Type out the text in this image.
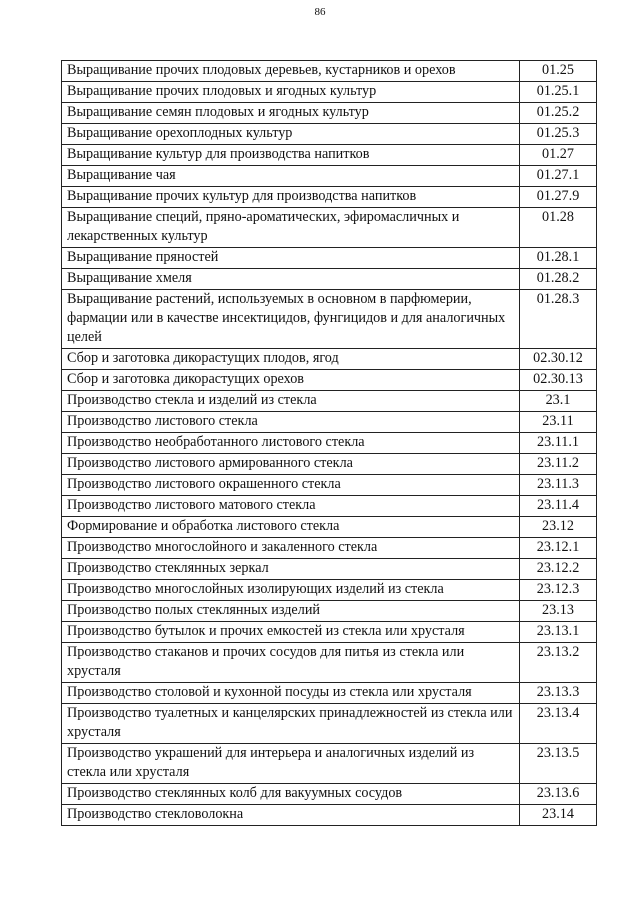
86
Выращивание прочих плодовых деревьев, кустарников и орехов	01.25
Выращивание прочих плодовых и ягодных культур	01.25.1
Выращивание семян плодовых и ягодных культур	01.25.2
Выращивание орехоплодных культур	01.25.3
Выращивание культур для производства напитков	01.27
Выращивание чая	01.27.1
Выращивание прочих культур для производства напитков	01.27.9
Выращивание специй, пряно-ароматических, эфиромасличных и лекарственных культур	01.28
Выращивание пряностей	01.28.1
Выращивание хмеля	01.28.2
Выращивание растений, используемых в основном в парфюмерии, фармации или в качестве инсектицидов, фунгицидов и для аналогичных целей	01.28.3
Сбор и заготовка дикорастущих плодов, ягод	02.30.12
Сбор и заготовка дикорастущих орехов	02.30.13
Производство стекла и изделий из стекла	23.1
Производство листового стекла	23.11
Производство необработанного листового стекла	23.11.1
Производство листового армированного стекла	23.11.2
Производство листового окрашенного стекла	23.11.3
Производство листового матового стекла	23.11.4
Формирование и обработка листового стекла	23.12
Производство многослойного и закаленного стекла	23.12.1
Производство стеклянных зеркал	23.12.2
Производство многослойных изолирующих изделий из стекла	23.12.3
Производство полых стеклянных изделий	23.13
Производство бутылок и прочих емкостей из стекла или хрусталя	23.13.1
Производство стаканов и прочих сосудов для питья из стекла или хрусталя	23.13.2
Производство столовой и кухонной посуды из стекла или хрусталя	23.13.3
Производство туалетных и канцелярских принадлежностей из стекла или хрусталя	23.13.4
Производство украшений для интерьера и аналогичных изделий из стекла или хрусталя	23.13.5
Производство стеклянных колб для вакуумных сосудов	23.13.6
Производство стекловолокна	23.14
